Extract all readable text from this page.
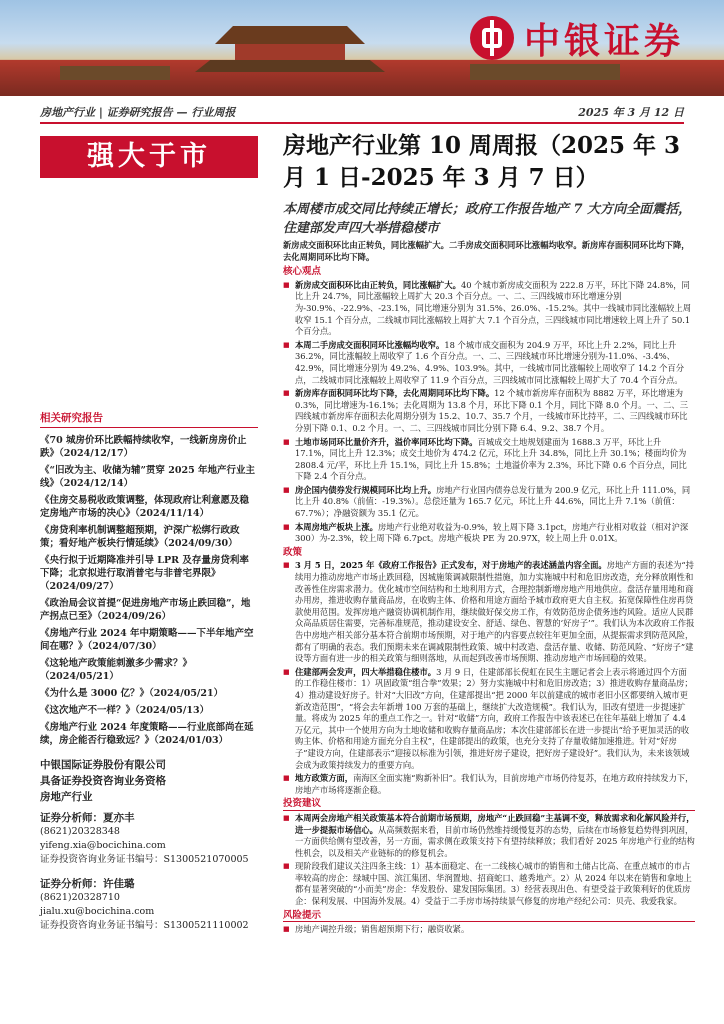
中银证券
房地产行业 | 证券研究报告 — 行业周报	2025 年 3 月 12 日
强大于市	房地产行业第 10 周周报（2025 年 3 月 1 日-2025 年 3 月 7 日）
本周楼市成交同比持续正增长；政府工作报告地产 7 大方向全面震括，住建部发声四大举措稳楼市
相关研究报告

《70 城房价环比跌幅持续收窄，一线新房房价止跌》（2024/12/17）

《“旧改为主、收储为辅”贯穿 2025 年地产行业主线》（2024/12/14）

《住房交易税收政策调整，体现政府让利意愿及稳定房地产市场的决心》（2024/11/14）

《房贷利率机制调整超预期，沪深广松绑行政政策；看好地产板块行情延续》（2024/09/30）

《央行拟于近期降准并引导 LPR 及存量房贷利率下降；北京拟进行取消普宅与非普宅界限》（2024/09/27）

《政治局会议首提“促进房地产市场止跌回稳”，地产拐点已至》（2024/09/26）

《房地产行业 2024 年中期策略——下半年地产空间在哪？》（2024/07/30）

《这轮地产政策能刺激多少需求？》（2024/05/21）

《为什么是 3000 亿？》（2024/05/21）

《这次地产不一样？》（2024/05/13）

《房地产行业 2024 年度策略——行业底部尚在延续，房企能否行稳致远？》（2024/01/03）

中银国际证券股份有限公司
具备证券投资咨询业务资格
房地产行业
证券分析师：夏亦丰
(8621)20328348
yifeng.xia@bocichina.com
证券投资咨询业务证书编号：S1300521070005
证券分析师：许佳璐
(8621)20328710
jialu.xu@bocichina.com
证券投资咨询业务证书编号：S1300521110002

新房成交面积环比由正转负，同比涨幅扩大。二手房成交面积同环比涨幅均收窄。新房库存面积同环比均下降，去化周期同环比均下降。

核心观点
■ 新房成交面积环比由正转负，同比涨幅扩大。40 个城市新房成交面积为 222.8 万平，环比下降 24.8%，同比上升 24.7%，同比涨幅较上周扩大 20.3 个百分点。一、二、三四线城市环比增速分别为-30.9%、-22.9%、-23.1%，同比增速分别为 31.5%、26.0%、-15.2%。其中一线城市同比涨幅较上周收窄 15.1 个百分点，二线城市同比涨幅较上周扩大 7.1 个百分点，三四线城市同比增速较上周上升了 50.1 个百分点。
■ 本周二手房成交面积同环比涨幅均收窄。18 个城市成交面积为 204.9 万平，环比上升 2.2%，同比上升 36.2%，同比涨幅较上周收窄了 1.6 个百分点。一、二、三四线城市环比增速分别为-11.0%、-3.4%、42.9%，同比增速分别为 49.2%、4.9%、103.9%。其中，一线城市同比涨幅较上周收窄了 14.2 个百分点，二线城市同比涨幅较上周收窄了 11.9 个百分点，三四线城市同比涨幅较上周扩大了 70.4 个百分点。
■ 新房库存面积同环比均下降，去化周期同环比均下降。12 个城市新房库存面积为 8882 万平，环比增速为 0.3%，同比增速为-16.1%；去化周期为 13.8 个月，环比下降 0.1 个月，同比下降 8.0 个月。一、二、三四线城市新房库存面积去化周期分别为 15.2、10.7、35.7 个月，一线城市环比持平，二、三四线城市环比分别下降 0.1、0.2 个月。一、二、三四线城市同比分别下降 6.4、9.2、38.7 个月。
■ 土地市场同环比量价齐升，溢价率同环比均下降。百城成交土地规划建面为 1688.3 万平，环比上升 17.1%，同比上升 12.3%；成交土地价为 474.2 亿元，环比上升 34.8%，同比上升 30.1%；楼面均价为 2808.4 元/平，环比上升 15.1%，同比上升 15.8%；土地溢价率为 2.3%，环比下降 0.6 个百分点，同比下降 2.4 个百分点。
■ 房企国内债券发行规模同环比均上升。房地产行业国内债券总发行量为 200.9 亿元，环比上升 111.0%，同比上升 40.8%（前值：-19.3%）。总偿还量为 165.7 亿元，环比上升 44.6%，同比上升 7.1%（前值：67.7%）；净融资额为 35.1 亿元。
■ 本周房地产板块上涨。房地产行业绝对收益为-0.9%，较上周下降 3.1pct，房地产行业相对收益（相对沪深 300）为-2.3%，较上周下降 6.7pct。房地产板块 PE 为 20.97X，较上周上升 0.01X。
政策
■ 3 月 5 日，2025 年《政府工作报告》正式发布，对于房地产的表述涵盖内容全面。房地产方面的表述为“持续用力推动房地产市场止跌回稳，因城施策调减限制性措施，加力实施城中村和危旧房改造，充分释放刚性和改善性住房需求潜力。优化城市空间结构和土地利用方式，合理控制新增房地产用地供应。盘活存量用地和商办用房，推进收购存量商品房，在收购主体、价格和用途方面给予城市政府更大自主权。拓宽保障性住房再贷款使用范围。发挥房地产融资协调机制作用，继续做好保交房工作，有效防范房企债务违约风险。适应人民群众高品质居住需要，完善标准规范，推动建设安全、舒适、绿色、智慧的‘好房子’”。我们认为本次政府工作报告中房地产相关部分基本符合前期市场预期，对于地产的内容要点较往年更加全面，从提振需求到防范风险，都有了明确的表态。我们预期未来在调减限制性政策、城中村改造、盘活存量、收储、防范风险、“好房子”建设等方面有进一步的相关政策与细则落地，从而起到改善市场预期、推动房地产市场回稳的效果。
■ 住建部两会发声，四大举措稳住楼市。3 月 9 日，住建部部长倪虹在民生主题记者会上表示将通过四个方面的工作稳住楼市：1）巩固政策“组合拳”效果；2）努力实施城中村和危旧房改造；3）推进收购存量商品房；4）推动建设好房子。针对“大旧改”方向，住建部提出“把 2000 年以前建成的城市老旧小区都要纳入城市更新改造范围”，“将会去年新增 100 万套的基础上，继续扩大改造规模”。我们认为，旧改有望进一步提速扩量。将成为 2025 年的重点工作之一。针对“收储”方向，政府工作报告中该表述已在往年基础上增加了 4.4 万亿元，其中一个使用方向为土地收储和收购存量商品房；本次住建部部长在进一步提出“给予更加灵活的收购主体、价格和用途方面充分自主权”，住建部提出的政策，也充分支持了存量收储加速推进。针对“好房子”建设方向，住建部表示“迎接以标准为引领，推进好房子建设，把好房子建设好”。我们认为，未来该领域会成为政策持续发力的重要方向。
■ 地方政策方面，南海区全面实施“购新补旧”。我们认为，目前房地产市场仍待复苏，在地方政府持续发力下，房地产市场将逐渐企稳。
投资建议
■ 本周两会房地产相关政策基本符合前期市场预期，房地产“止跌回稳”主基调不变，释放需求和化解风险并行，进一步提振市场信心。从高频数据来看，目前市场仍然维持缓慢复苏的态势，后续在市场修复趋势得到巩固，一方面供给侧有望改善，另一方面，需求侧在政策支持下有望持续释放；我们看好 2025 年房地产行业的结构性机会，以及相关产业链标的的修复机会。
■ 现阶段我们建议关注四条主线：1）基本面稳定、在一二线核心城市的销售和土储占比高、在重点城市的市占率较高的房企：绿城中国、滨江集团、华润置地、招商蛇口、越秀地产。2）从 2024 年以来在销售和拿地上都有显著突破的“小而美”房企：华发股份、建发国际集团。3）经营表现出色、有望受益于政策利好的优质房企：保利发展、中国海外发展。4）受益于二手房市场持续景气修复的房地产经纪公司：贝壳、我爱我家。
风险提示
■ 房地产调控升级；销售超预期下行；融资收紧。
